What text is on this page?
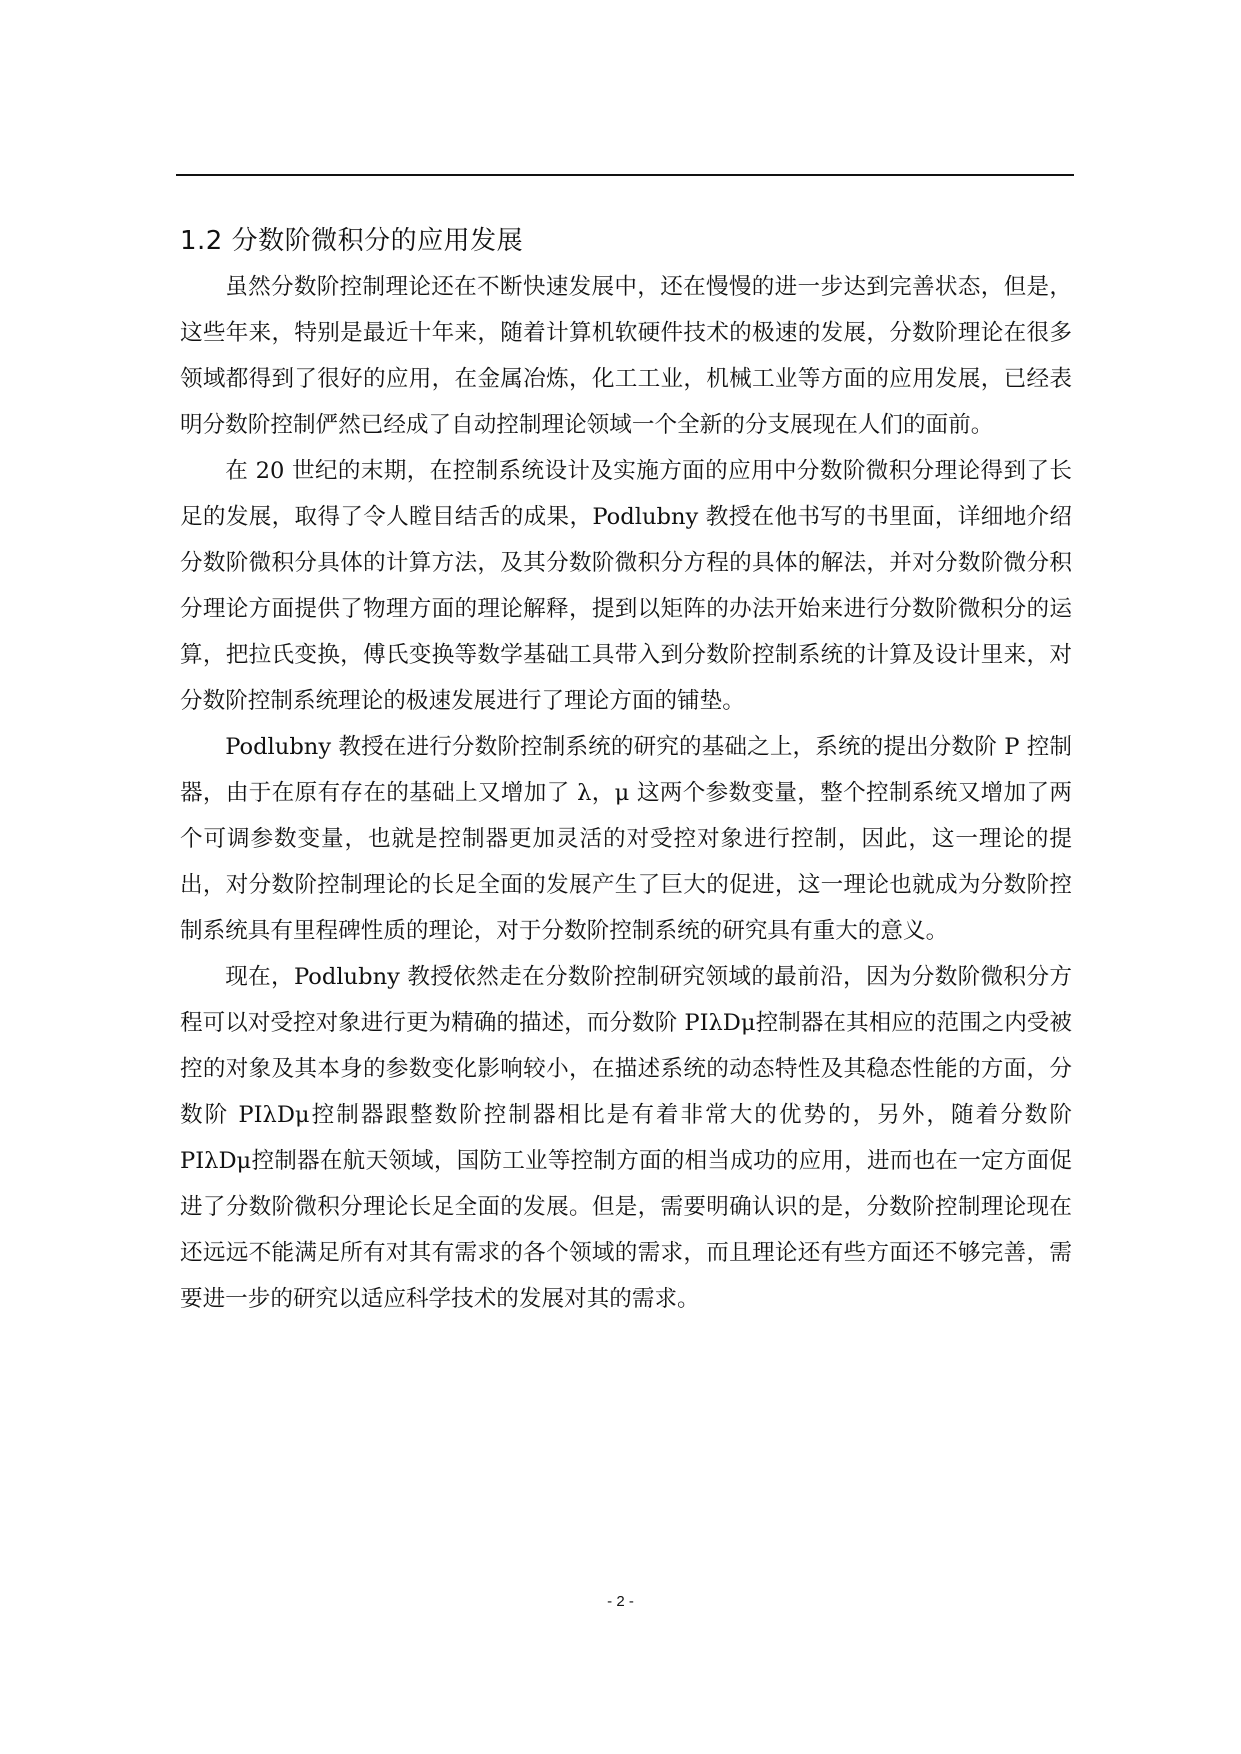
1.2 分数阶微积分的应用发展

虽然分数阶控制理论还在不断快速发展中，还在慢慢的进一步达到完善状态，但是，这些年来，特别是最近十年来，随着计算机软硬件技术的极速的发展，分数阶理论在很多领域都得到了很好的应用，在金属冶炼，化工工业，机械工业等方面的应用发展，已经表明分数阶控制俨然已经成了自动控制理论领域一个全新的分支展现在人们的面前。

在 20 世纪的末期，在控制系统设计及实施方面的应用中分数阶微积分理论得到了长足的发展，取得了令人瞠目结舌的成果，Podlubny 教授在他书写的书里面，详细地介绍分数阶微积分具体的计算方法，及其分数阶微积分方程的具体的解法，并对分数阶微分积分理论方面提供了物理方面的理论解释，提到以矩阵的办法开始来进行分数阶微积分的运算，把拉氏变换，傅氏变换等数学基础工具带入到分数阶控制系统的计算及设计里来，对分数阶控制系统理论的极速发展进行了理论方面的铺垫。

Podlubny 教授在进行分数阶控制系统的研究的基础之上，系统的提出分数阶 P 控制器，由于在原有存在的基础上又增加了 λ，μ 这两个参数变量，整个控制系统又增加了两个可调参数变量，也就是控制器更加灵活的对受控对象进行控制，因此，这一理论的提出，对分数阶控制理论的长足全面的发展产生了巨大的促进，这一理论也就成为分数阶控制系统具有里程碑性质的理论，对于分数阶控制系统的研究具有重大的意义。

现在，Podlubny 教授依然走在分数阶控制研究领域的最前沿，因为分数阶微积分方程可以对受控对象进行更为精确的描述，而分数阶 PIλDμ控制器在其相应的范围之内受被控的对象及其本身的参数变化影响较小，在描述系统的动态特性及其稳态性能的方面，分数阶 PIλDμ控制器跟整数阶控制器相比是有着非常大的优势的，另外，随着分数阶 PIλDμ控制器在航天领域，国防工业等控制方面的相当成功的应用，进而也在一定方面促进了分数阶微积分理论长足全面的发展。但是，需要明确认识的是，分数阶控制理论现在还远远不能满足所有对其有需求的各个领域的需求，而且理论还有些方面还不够完善，需要进一步的研究以适应科学技术的发展对其的需求。

- 2 -
